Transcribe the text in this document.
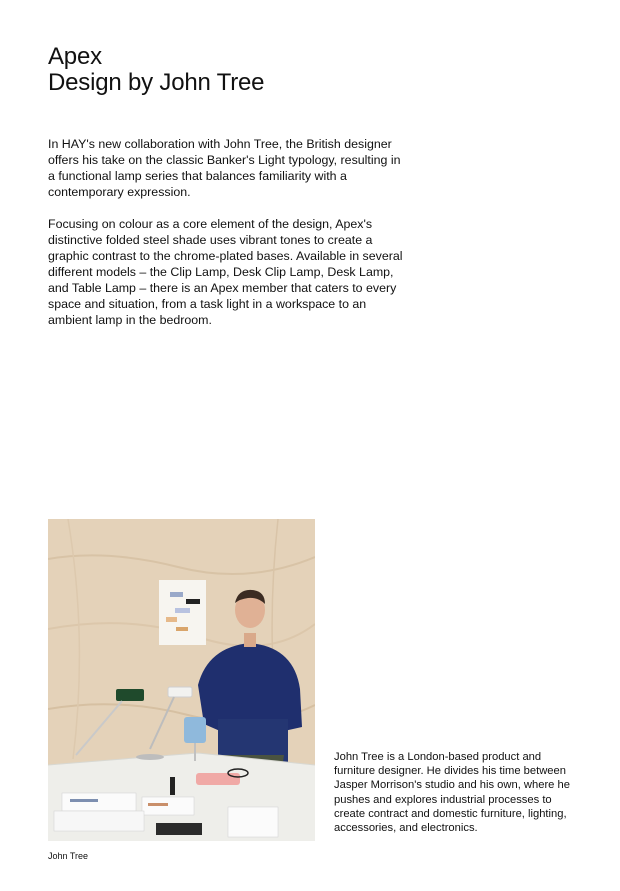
Apex
Design by John Tree

In HAY's new collaboration with John Tree, the British designer offers his take on the classic Banker's Light typology, resulting in a functional lamp series that balances familiarity with a contemporary expression.

Focusing on colour as a core element of the design, Apex's distinctive folded steel shade uses vibrant tones to create a graphic contrast to the chrome-plated bases. Available in several different models – the Clip Lamp, Desk Clip Lamp, Desk Lamp, and Table Lamp – there is an Apex member that caters to every space and situation, from a task light in a workspace to an ambient lamp in the bedroom.

John Tree

John Tree is a London-based product and furniture designer. He divides his time between Jasper Morrison's studio and his own, where he pushes and explores industrial processes to create contract and domestic furniture, lighting, accessories, and electronics.
